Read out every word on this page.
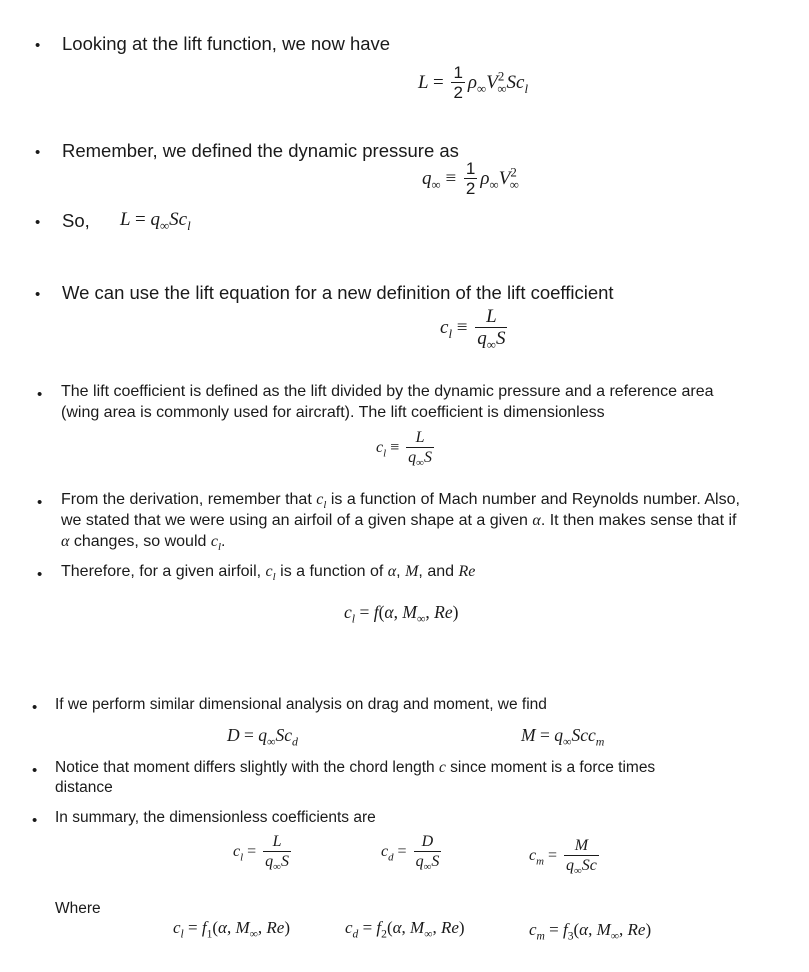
• Looking at the lift function, we now have
$L = \frac{1}{2} \rho_\infty V^2_\infty Sc_l$
• Remember, we defined the dynamic pressure as
$q_\infty \equiv \frac{1}{2} \rho_\infty V^2_\infty$
• So, $L = q_\infty Sc_l$
• We can use the lift equation for a new definition of the lift coefficient
$c_l \equiv \frac{L}{q_\infty S}$
• The lift coefficient is defined as the lift divided by the dynamic pressure and a reference area
(wing area is commonly used for aircraft). The lift coefficient is dimensionless
$c_l \equiv \frac{L}{q_\infty S}$
• From the derivation, remember that $c_l$ is a function of Mach number and Reynolds number. Also,
we stated that we were using an airfoil of a given shape at a given α. It then makes sense that if
α changes, so would $c_l$.
• Therefore, for a given airfoil, $c_l$ is a function of α, M, and Re
$c_l = f(\alpha$, $M_\infty$, Re)
• If we perform similar dimensional analysis on drag and moment, we find
$D = q_\infty Sc_d$	$M = q_\infty Scc_m$
• Notice that moment differs slightly with the chord length c since moment is a force times
distance
• In summary, the dimensionless coefficients are
$c_l = \frac{L}{q_\infty S}$	$c_d = \frac{D}{q_\infty S}$	$c_m = \frac{M}{q_\infty Sc}$
Where
$c_l = f_1(\alpha$, $M_\infty$, Re)	$c_d = f_2(\alpha$, $M_\infty$, Re)	$c_m = f_3(\alpha$, $M_\infty$, Re)
